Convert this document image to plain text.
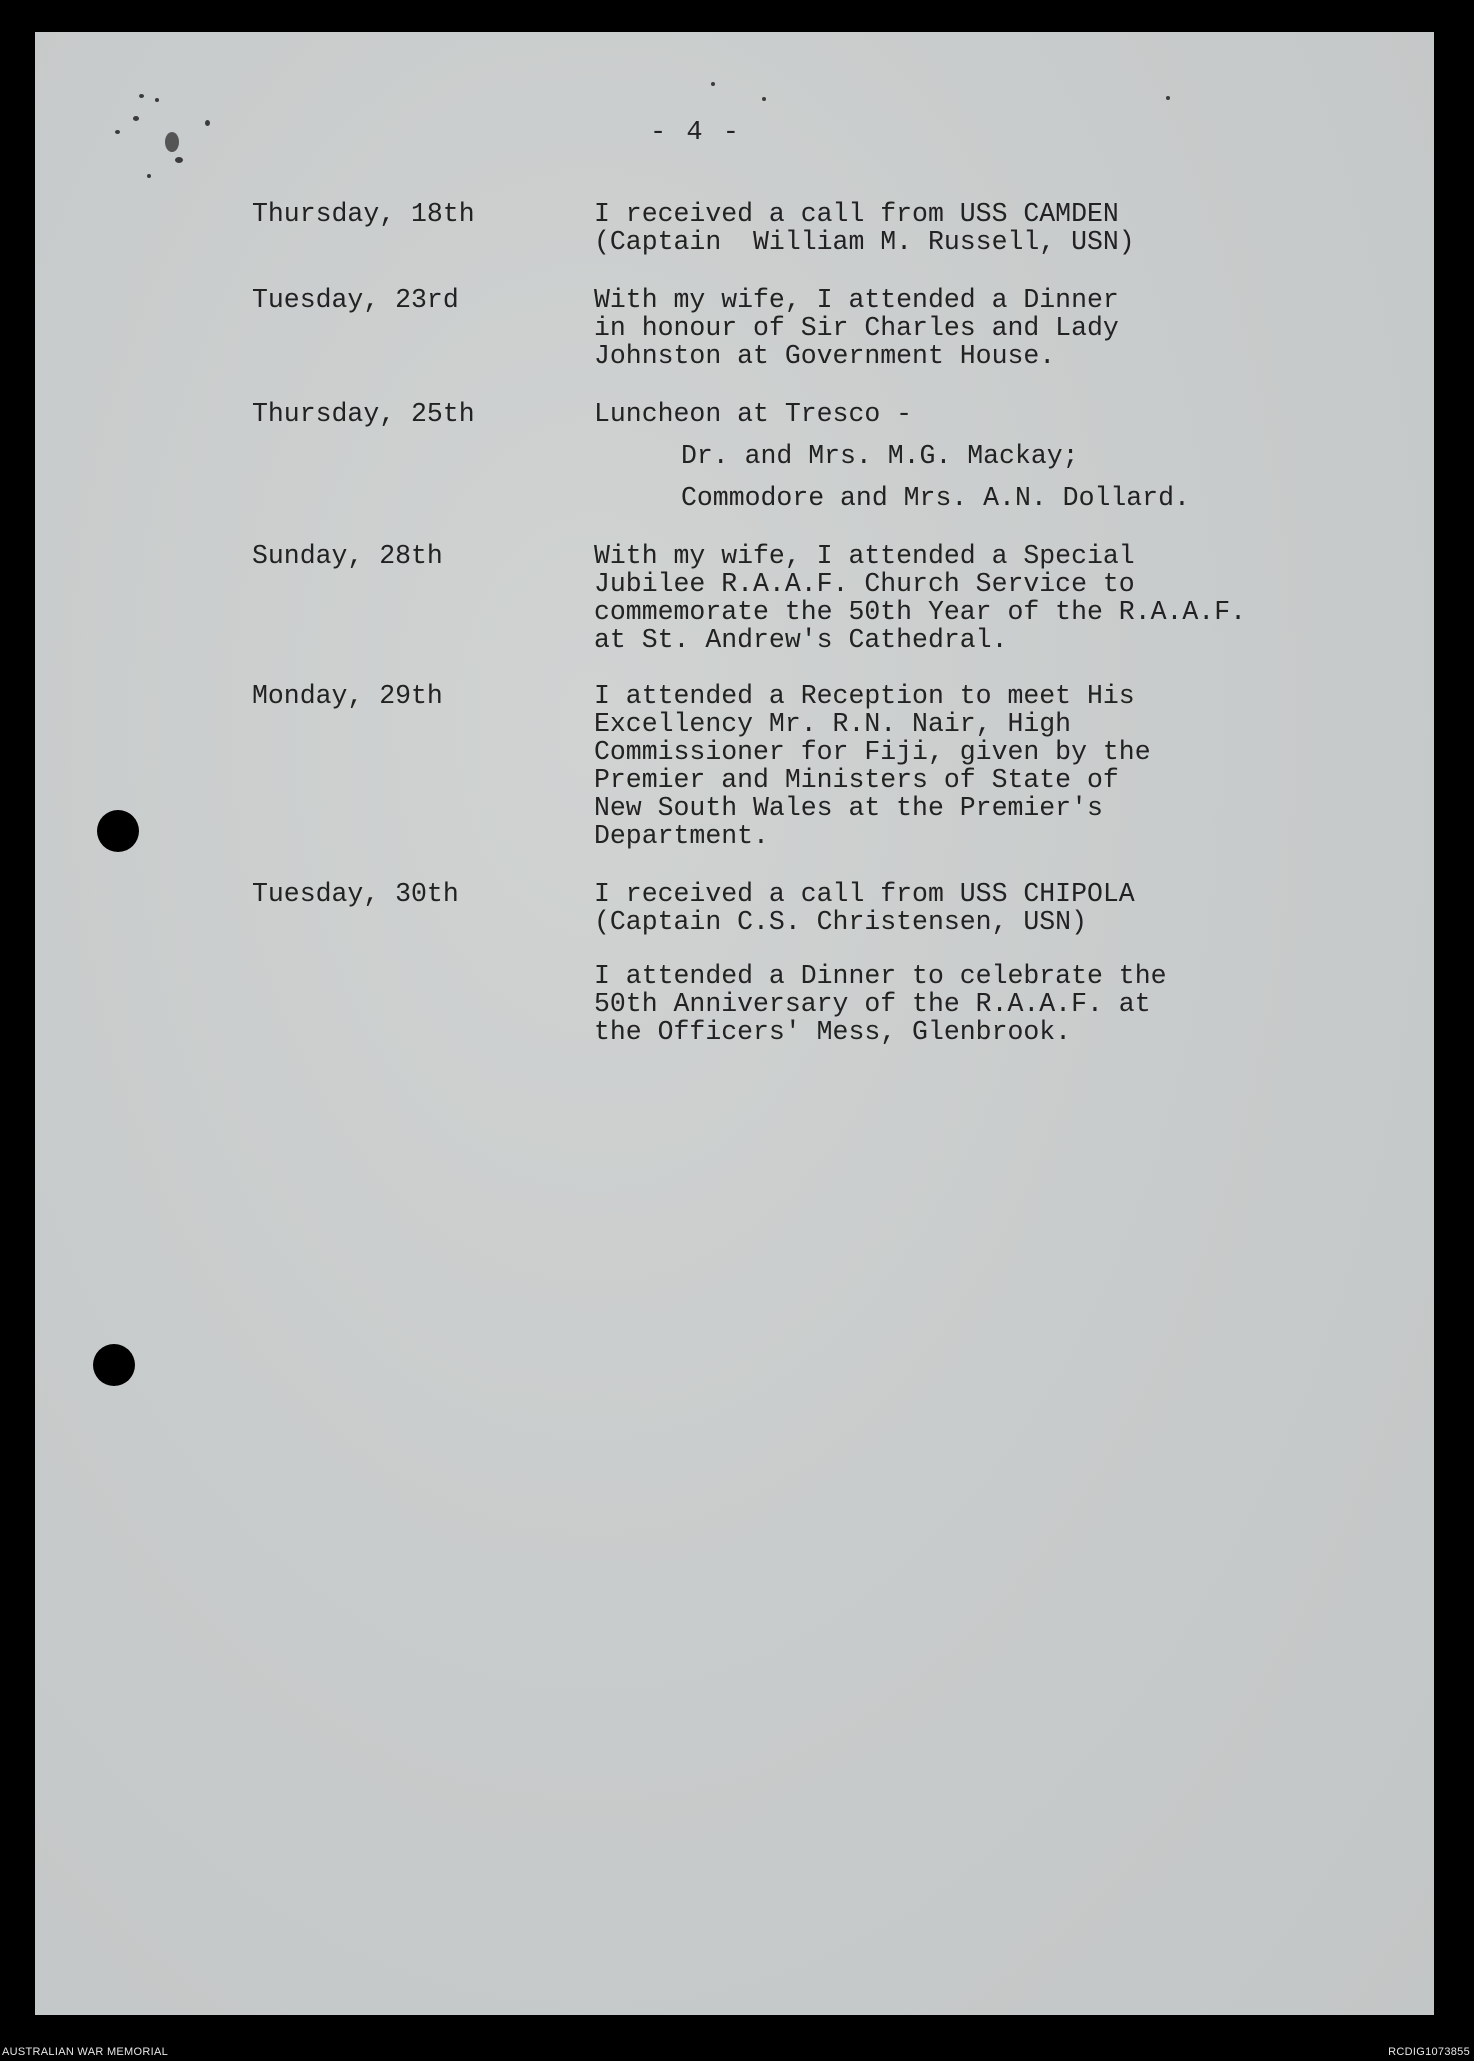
- 4 -
Thursday, 18th	I received a call from USS CAMDEN
(Captain  William M. Russell, USN)
Tuesday, 23rd	With my wife, I attended a Dinner
in honour of Sir Charles and Lady
Johnston at Government House.
Thursday, 25th	Luncheon at Tresco -
Dr. and Mrs. M.G. Mackay;
Commodore and Mrs. A.N. Dollard.
Sunday, 28th	With my wife, I attended a Special
Jubilee R.A.A.F. Church Service to
commemorate the 50th Year of the R.A.A.F.
at St. Andrew's Cathedral.
Monday, 29th	I attended a Reception to meet His
Excellency Mr. R.N. Nair, High
Commissioner for Fiji, given by the
Premier and Ministers of State of
New South Wales at the Premier's
Department.
Tuesday, 30th	I received a call from USS CHIPOLA
(Captain C.S. Christensen, USN)
I attended a Dinner to celebrate the
50th Anniversary of the R.A.A.F. at
the Officers' Mess, Glenbrook.
AUSTRALIAN WAR MEMORIAL	RCDIG1073855
